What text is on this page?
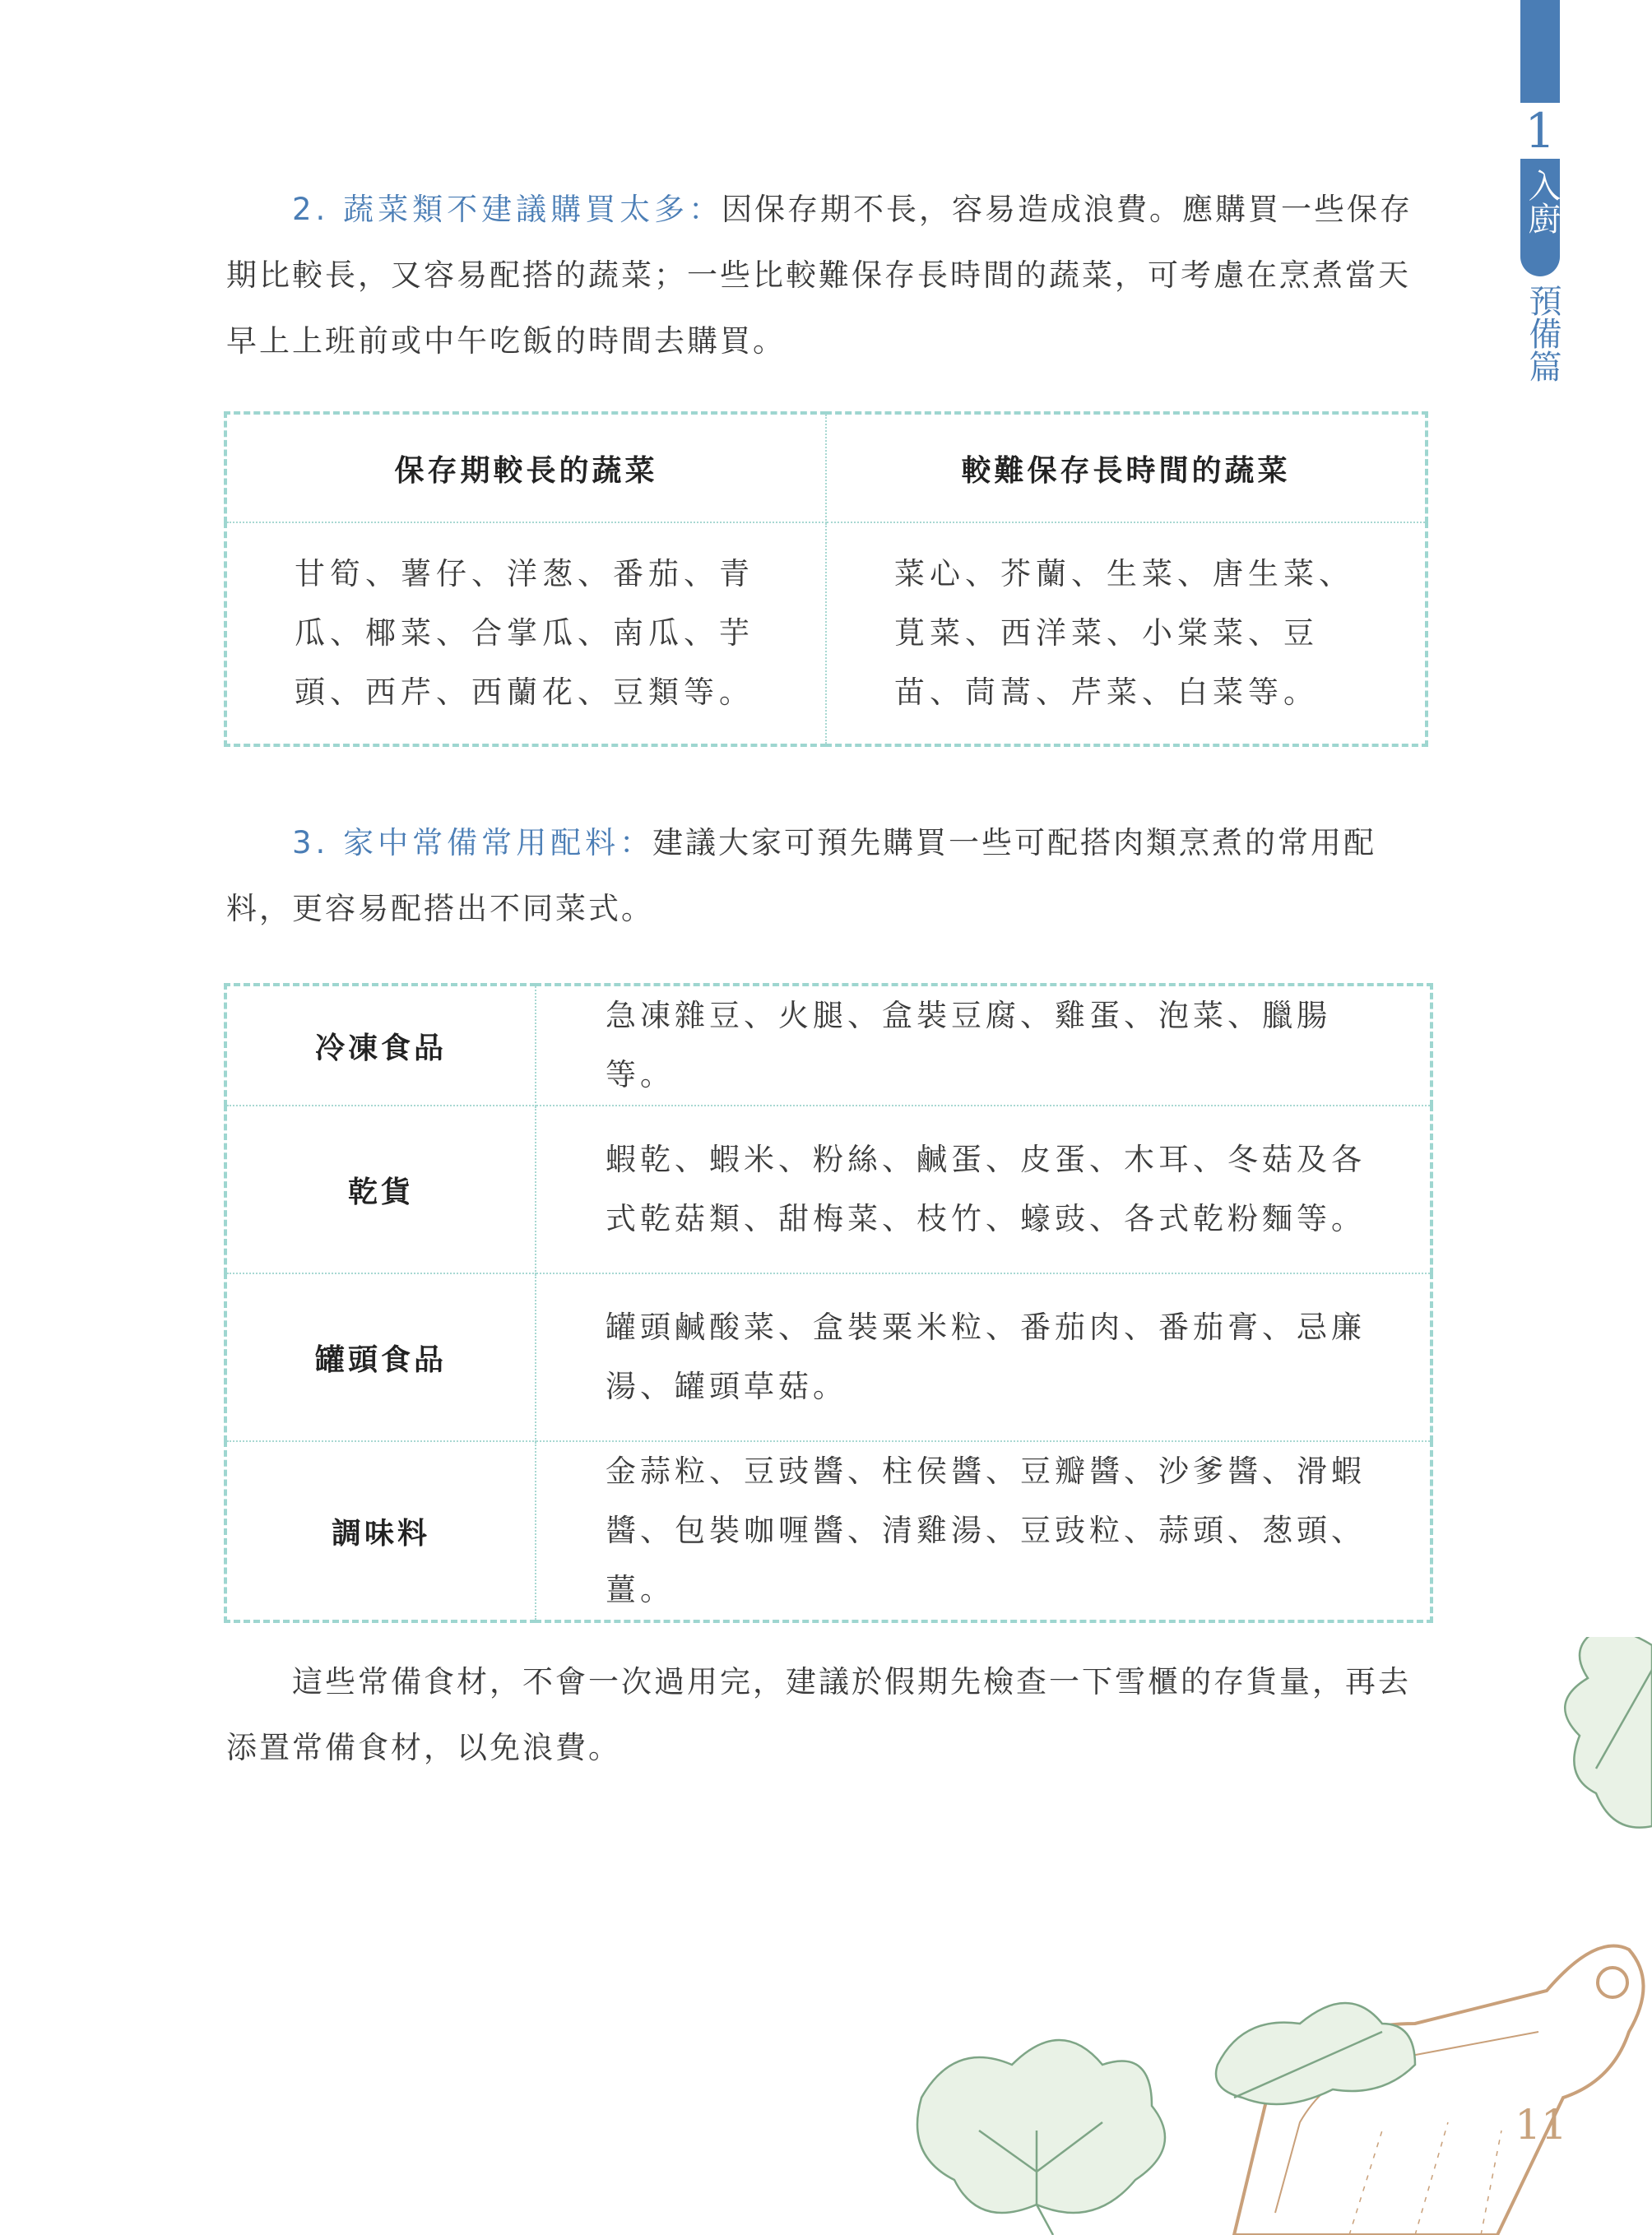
1
入廚
預備篇

2. 蔬菜類不建議購買太多：因保存期不長，容易造成浪費。應購買一些保存期比較長，又容易配搭的蔬菜；一些比較難保存長時間的蔬菜，可考慮在烹煮當天早上上班前或中午吃飯的時間去購買。

保存期較長的蔬菜	較難保存長時間的蔬菜
甘筍、薯仔、洋葱、番茄、青瓜、椰菜、合掌瓜、南瓜、芋頭、西芹、西蘭花、豆類等。	菜心、芥蘭、生菜、唐生菜、莧菜、西洋菜、小棠菜、豆苗、茼蒿、芹菜、白菜等。

3. 家中常備常用配料：建議大家可預先購買一些可配搭肉類烹煮的常用配料，更容易配搭出不同菜式。

冷凍食品	急凍雜豆、火腿、盒裝豆腐、雞蛋、泡菜、臘腸等。
乾貨	蝦乾、蝦米、粉絲、鹹蛋、皮蛋、木耳、冬菇及各式乾菇類、甜梅菜、枝竹、蠔豉、各式乾粉麵等。
罐頭食品	罐頭鹹酸菜、盒裝粟米粒、番茄肉、番茄膏、忌廉湯、罐頭草菇。
調味料	金蒜粒、豆豉醬、柱侯醬、豆瓣醬、沙爹醬、滑蝦醬、包裝咖喱醬、清雞湯、豆豉粒、蒜頭、葱頭、薑。

這些常備食材，不會一次過用完，建議於假期先檢查一下雪櫃的存貨量，再去添置常備食材，以免浪費。

11
